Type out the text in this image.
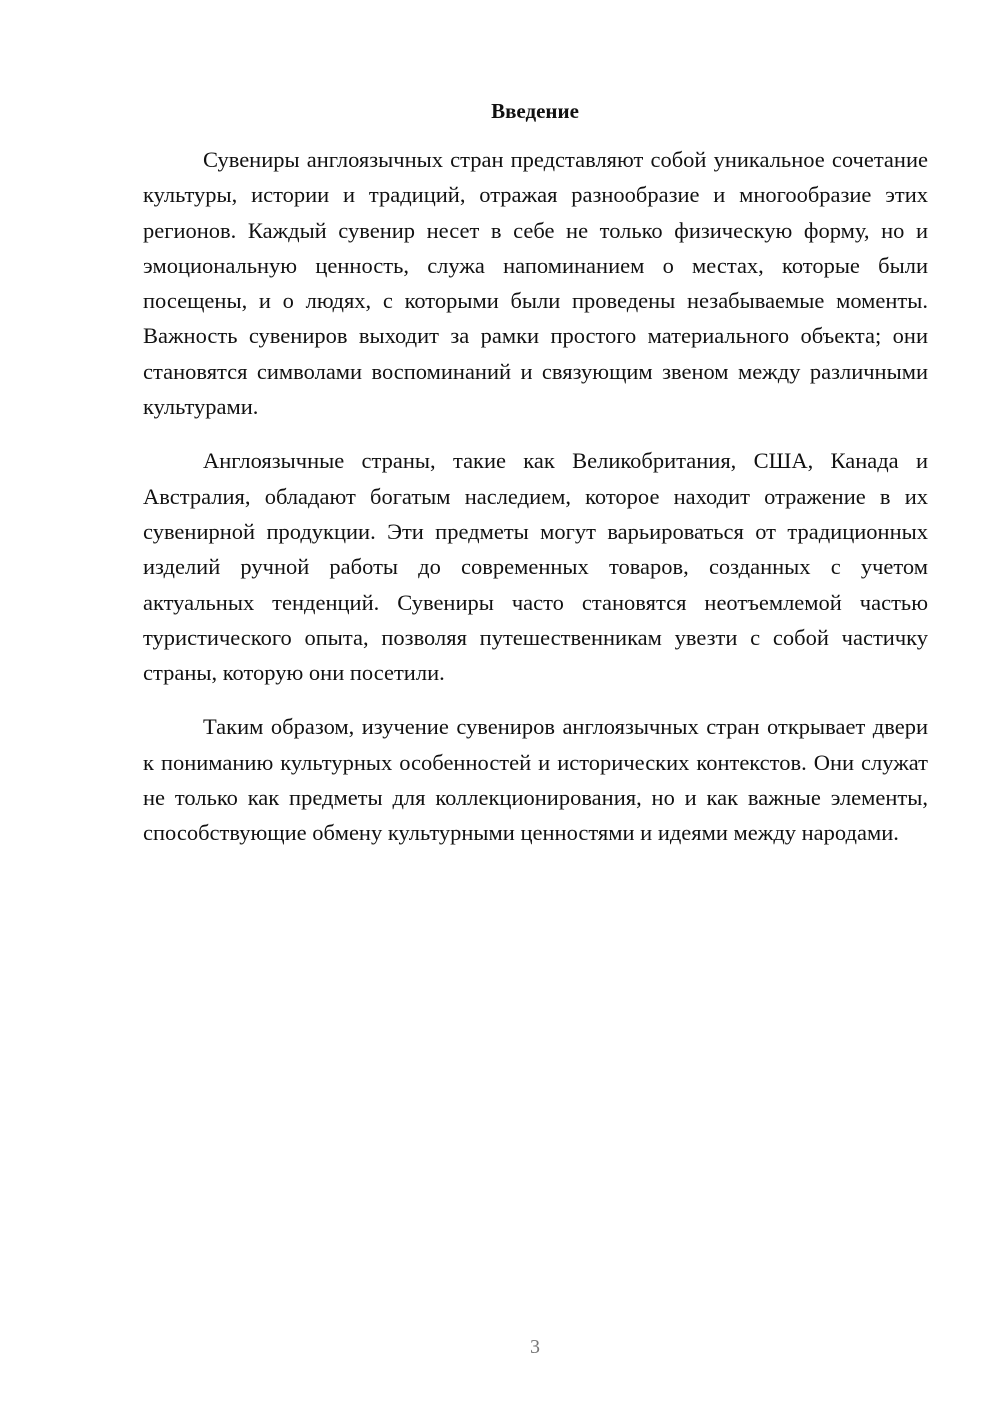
Введение

Сувениры англоязычных стран представляют собой уникальное сочетание культуры, истории и традиций, отражая разнообразие и многообразие этих регионов. Каждый сувенир несет в себе не только физическую форму, но и эмоциональную ценность, служа напоминанием о местах, которые были посещены, и о людях, с которыми были проведены незабываемые моменты. Важность сувениров выходит за рамки простого материального объекта; они становятся символами воспоминаний и связующим звеном между различными культурами.

Англоязычные страны, такие как Великобритания, США, Канада и Австралия, обладают богатым наследием, которое находит отражение в их сувенирной продукции. Эти предметы могут варьироваться от традиционных изделий ручной работы до современных товаров, созданных с учетом актуальных тенденций. Сувениры часто становятся неотъемлемой частью туристического опыта, позволяя путешественникам увезти с собой частичку страны, которую они посетили.

Таким образом, изучение сувениров англоязычных стран открывает двери к пониманию культурных особенностей и исторических контекстов. Они служат не только как предметы для коллекционирования, но и как важные элементы, способствующие обмену культурными ценностями и идеями между народами.

3
